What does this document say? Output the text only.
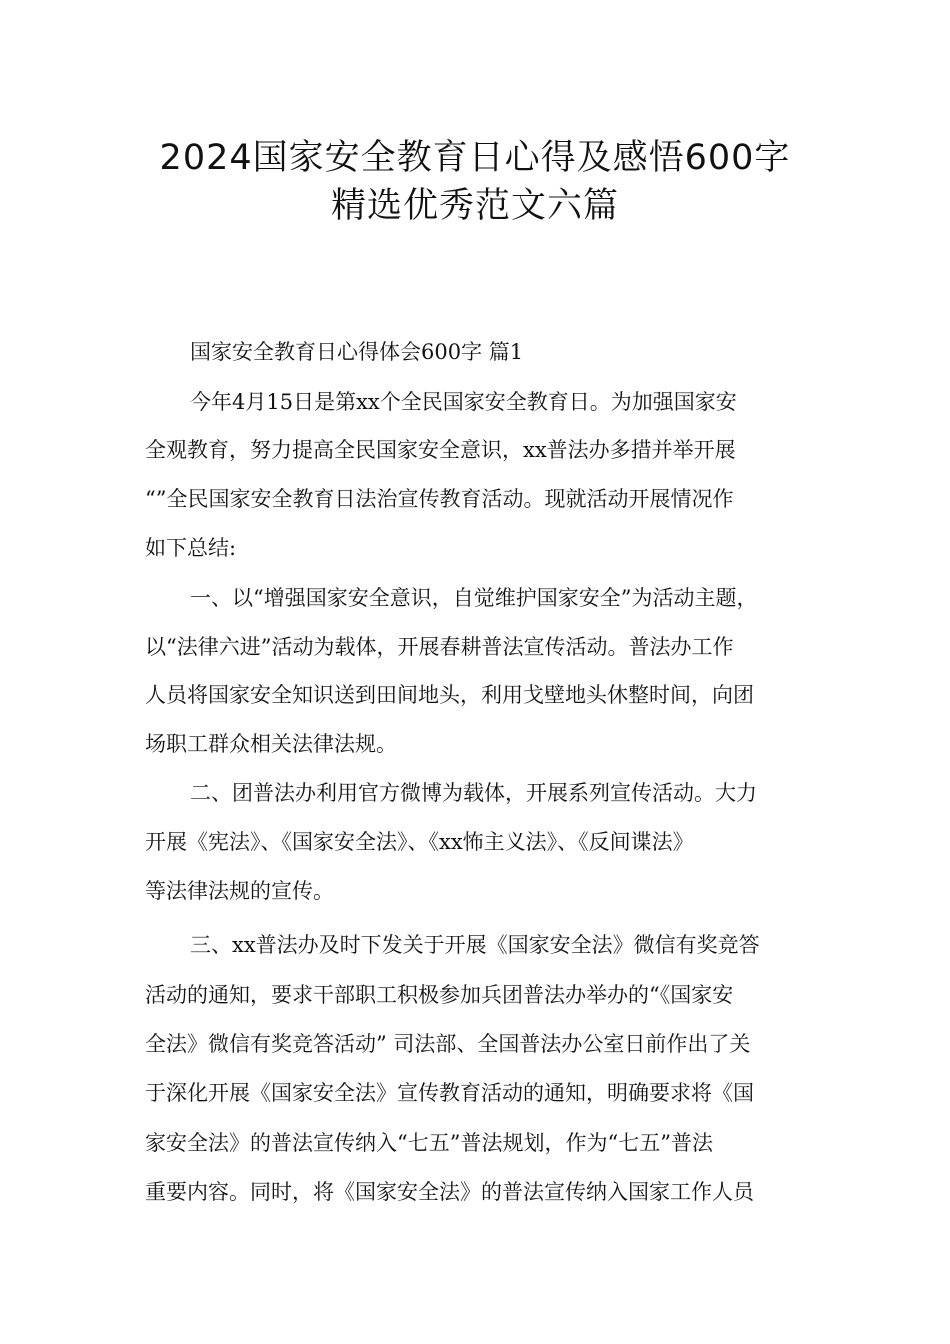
2024国家安全教育日心得及感悟600字
精选优秀范文六篇

国家安全教育日心得体会600字 篇1

今年4月15日是第xx个全民国家安全教育日。为加强国家安

全观教育，努力提高全民国家安全意识，xx普法办多措并举开展

“”全民国家安全教育日法治宣传教育活动。现就活动开展情况作

如下总结:

一、以“增强国家安全意识，自觉维护国家安全”为活动主题，

以“法律六进”活动为载体，开展春耕普法宣传活动。普法办工作

人员将国家安全知识送到田间地头，利用戈壁地头休整时间，向团

场职工群众相关法律法规。

二、团普法办利用官方微博为载体，开展系列宣传活动。大力

开展《宪法》、《国家安全法》、《xx怖主义法》、《反间谍法》

等法律法规的宣传。

三、xx普法办及时下发关于开展《国家安全法》微信有奖竞答

活动的通知，要求干部职工积极参加兵团普法办举办的“《国家安

全法》微信有奖竞答活动” 司法部、全国普法办公室日前作出了关

于深化开展《国家安全法》宣传教育活动的通知，明确要求将《国

家安全法》的普法宣传纳入“七五”普法规划，作为“七五”普法

重要内容。同时，将《国家安全法》的普法宣传纳入国家工作人员
